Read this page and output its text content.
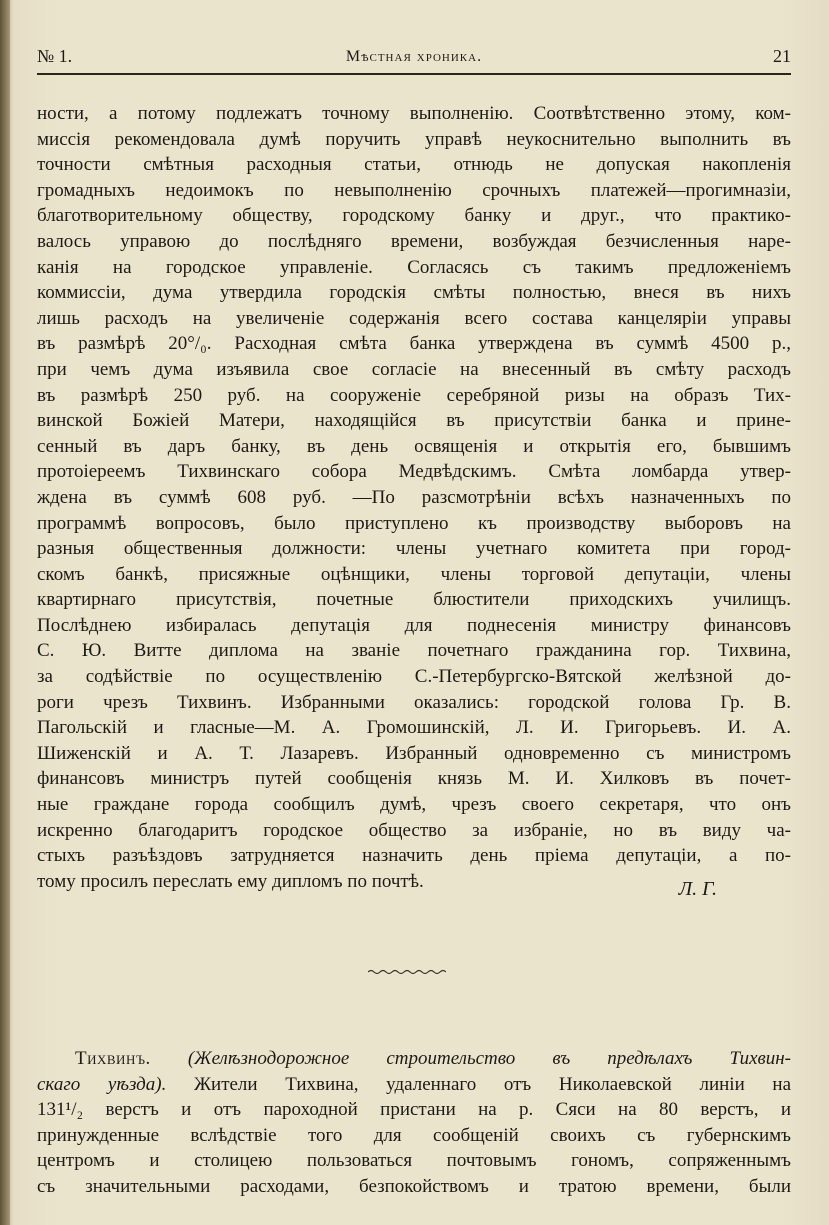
№ 1.	Мѣстная хроника.	21
ности, а потому подлежатъ точному выполненію. Соотвѣтственно этому, ком-
миссія рекомендовала думѣ поручить управѣ неукоснительно выполнить въ
точности смѣтныя расходныя статьи, отнюдь не допуская накопленія
громадныхъ недоимокъ по невыполненію срочныхъ платежей—прогимназіи,
благотворительному обществу, городскому банку и друг., что практико-
валось управою до послѣдняго времени, возбуждая безчисленныя наре-
канія на городское управленіе. Согласясь съ такимъ предложеніемъ
коммиссіи, дума утвердила городскія смѣты полностью, внеся въ нихъ
лишь расходъ на увеличеніе содержанія всего состава канцеляріи управы
въ размѣрѣ 20°/₀. Расходная смѣта банка утверждена въ суммѣ 4500 р.,
при чемъ дума изъявила свое согласіе на внесенный въ смѣту расходъ
въ размѣрѣ 250 руб. на сооруженіе серебряной ризы на образъ Тих-
винской Божіей Матери, находящійся въ присутствіи банка и прине-
сенный въ даръ банку, въ день освященія и открытія его, бывшимъ
протоіереемъ Тихвинскаго собора Медвѣдскимъ. Смѣта ломбарда утвер-
ждена въ суммѣ 608 руб. —По разсмотрѣніи всѣхъ назначенныхъ по
программѣ вопросовъ, было приступлено къ производству выборовъ на
разныя общественныя должности: члены учетнаго комитета при город-
скомъ банкѣ, присяжные оцѣнщики, члены торговой депутаціи, члены
квартирнаго присутствія, почетные блюстители приходскихъ училищъ.
Послѣднею избиралась депутація для поднесенія министру финансовъ
С. Ю. Витте диплома на званіе почетнаго гражданина гор. Тихвина,
за содѣйствіе по осуществленію С.-Петербургско-Вятской желѣзной до-
роги чрезъ Тихвинъ. Избранными оказались: городской голова Гр. В.
Пагольскій и гласные—М. А. Громошинскій, Л. И. Григорьевъ. И. А.
Шиженскій и А. Т. Лазаревъ. Избранный одновременно съ министромъ
финансовъ министръ путей сообщенія князь М. И. Хилковъ въ почет-
ные граждане города сообщилъ думѣ, чрезъ своего секретаря, что онъ
искренно благодаритъ городское общество за избраніе, но въ виду ча-
стыхъ разъѣздовъ затрудняется назначить день пріема депутаціи, а по-
тому просилъ переслать ему дипломъ по почтѣ.	Л. Г.
  Тихвинъ. (Желѣзнодорожное строительство въ предѣлахъ Тихвин-
скаго уѣзда). Жители Тихвина, удаленнаго отъ Николаевской линіи на
131¹/₂ верстъ и отъ пароходной пристани на р. Сяси на 80 верстъ, и
принужденные вслѣдствіе того для сообщеній своихъ съ губернскимъ
центромъ и столицею пользоваться почтовымъ гономъ, сопряженнымъ
съ значительными расходами, безпокойствомъ и тратою времени, были
